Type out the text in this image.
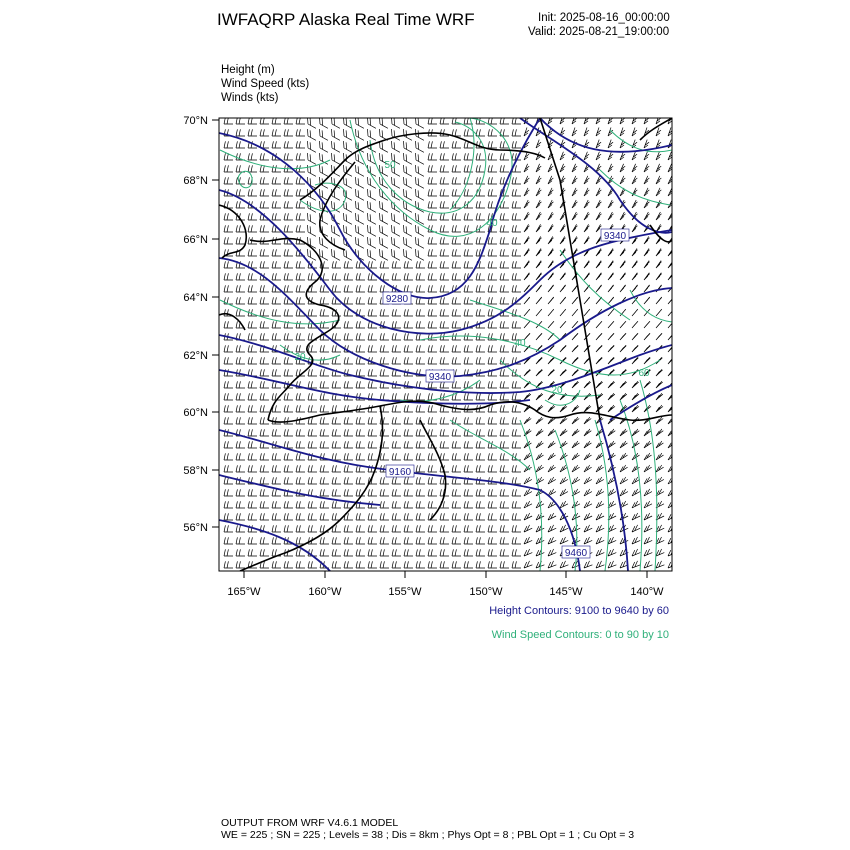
IWFAQRP Alaska Real Time WRF	Init: 2025-08-16_00:00:00
Valid: 2025-08-21_19:00:00
Height (m)
Wind Speed (kts)
Winds (kts)
70°N
68°N
66°N
64°N
62°N
60°N
58°N
56°N
165°W	160°W	155°W	150°W	145°W	140°W
9340
9280
9340
9160
9460
50
40
40
60
20
20
Height Contours: 9100 to 9640 by 60
Wind Speed Contours: 0 to 90 by 10
OUTPUT FROM WRF V4.6.1 MODEL
WE = 225 ; SN = 225 ; Levels = 38 ; Dis = 8km ; Phys Opt = 8 ; PBL Opt = 1 ; Cu Opt = 3
